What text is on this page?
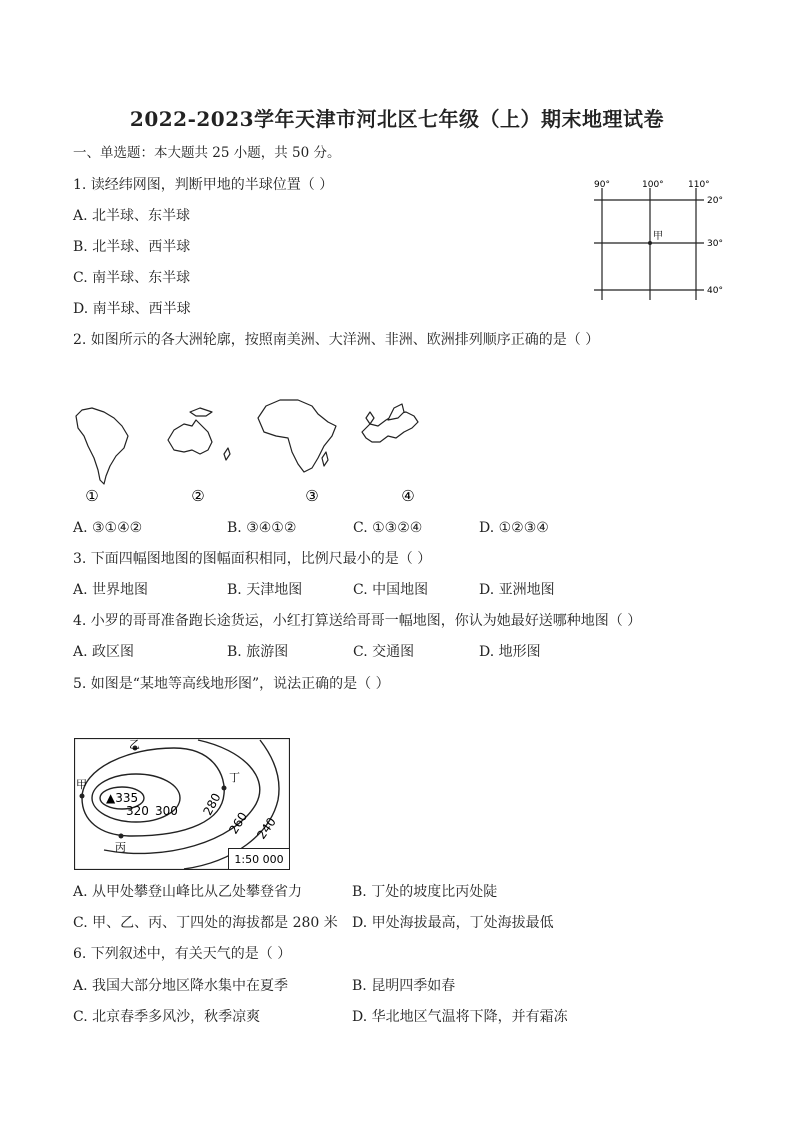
2022-2023学年天津市河北区七年级（上）期末地理试卷
一、单选题：本大题共 25 小题，共 50 分。
1. 读经纬网图，判断甲地的半球位置（ ）
A. 北半球、东半球
B. 北半球、西半球
C. 南半球、东半球
D. 南半球、西半球
90°	100°	110°
20°
30°
40°
甲
2. 如图所示的各大洲轮廓，按照南美洲、大洋洲、非洲、欧洲排列顺序正确的是（ ）
①	②	③	④
A. ③①④②	B. ③④①②	C. ①③②④	D. ①②③④
3. 下面四幅图地图的图幅面积相同，比例尺最小的是（ ）
A. 世界地图	B. 天津地图	C. 中国地图	D. 亚洲地图
4. 小罗的哥哥准备跑长途货运，小红打算送给哥哥一幅地图，你认为她最好送哪种地图（ ）
A. 政区图	B. 旅游图	C. 交通图	D. 地形图
5. 如图是“某地等高线地形图”，说法正确的是（ ）
▲335
320 300 280
260 240
甲
乙
丙
丁
1:50 000
A. 从甲处攀登山峰比从乙处攀登省力	B. 丁处的坡度比丙处陡
C. 甲、乙、丙、丁四处的海拔都是 280 米 D. 甲处海拔最高，丁处海拔最低
6. 下列叙述中，有关天气的是（ ）
A. 我国大部分地区降水集中在夏季	B. 昆明四季如春
C. 北京春季多风沙，秋季凉爽	D. 华北地区气温将下降，并有霜冻
